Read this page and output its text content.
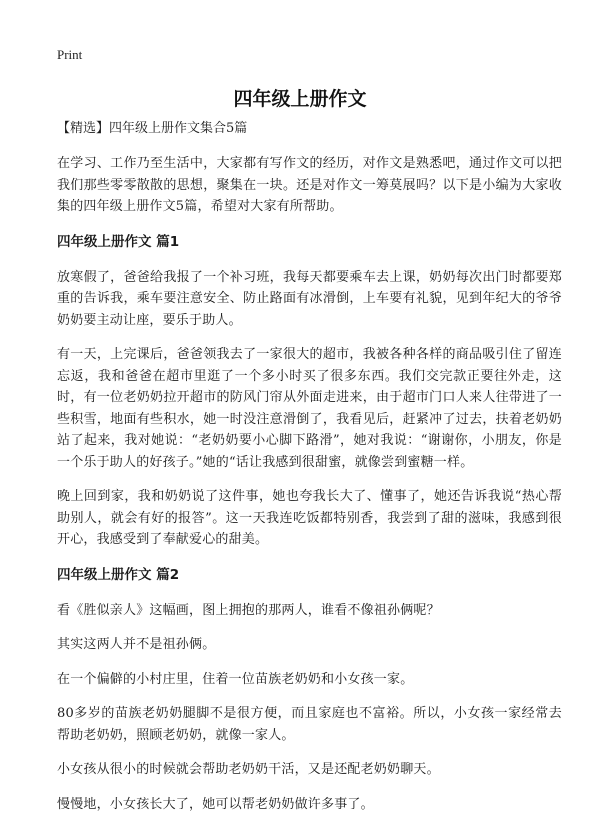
Print
四年级上册作文
【精选】四年级上册作文集合5篇

在学习、工作乃至生活中，大家都有写作文的经历，对作文是熟悉吧，通过作文可以把我们那些零零散散的思想，聚集在一块。还是对作文一筹莫展吗？以下是小编为大家收集的四年级上册作文5篇，希望对大家有所帮助。

四年级上册作文 篇1

放寒假了，爸爸给我报了一个补习班，我每天都要乘车去上课，奶奶每次出门时都要郑重的告诉我，乘车要注意安全、防止路面有冰滑倒，上车要有礼貌，见到年纪大的爷爷奶奶要主动让座，要乐于助人。

有一天，上完课后，爸爸领我去了一家很大的超市，我被各种各样的商品吸引住了留连忘返，我和爸爸在超市里逛了一个多小时买了很多东西。我们交完款正要往外走，这时，有一位老奶奶拉开超市的防风门帘从外面走进来，由于超市门口人来人往带进了一些积雪，地面有些积水，她一时没注意滑倒了，我看见后，赶紧冲了过去，扶着老奶奶站了起来，我对她说：“老奶奶要小心脚下路滑”，她对我说：“谢谢你，小朋友，你是一个乐于助人的好孩子。”她的“话让我感到很甜蜜，就像尝到蜜糖一样。

晚上回到家，我和奶奶说了这件事，她也夸我长大了、懂事了，她还告诉我说“热心帮助别人，就会有好的报答”。这一天我连吃饭都特别香，我尝到了甜的滋味，我感到很开心，我感受到了奉献爱心的甜美。

四年级上册作文 篇2

看《胜似亲人》这幅画，图上拥抱的那两人，谁看不像祖孙俩呢？

其实这两人并不是祖孙俩。

在一个偏僻的小村庄里，住着一位苗族老奶奶和小女孩一家。

80多岁的苗族老奶奶腿脚不是很方便，而且家庭也不富裕。所以，小女孩一家经常去帮助老奶奶，照顾老奶奶，就像一家人。

小女孩从很小的时候就会帮助老奶奶干活，又是还配老奶奶聊天。

慢慢地，小女孩长大了，她可以帮老奶奶做许多事了。
